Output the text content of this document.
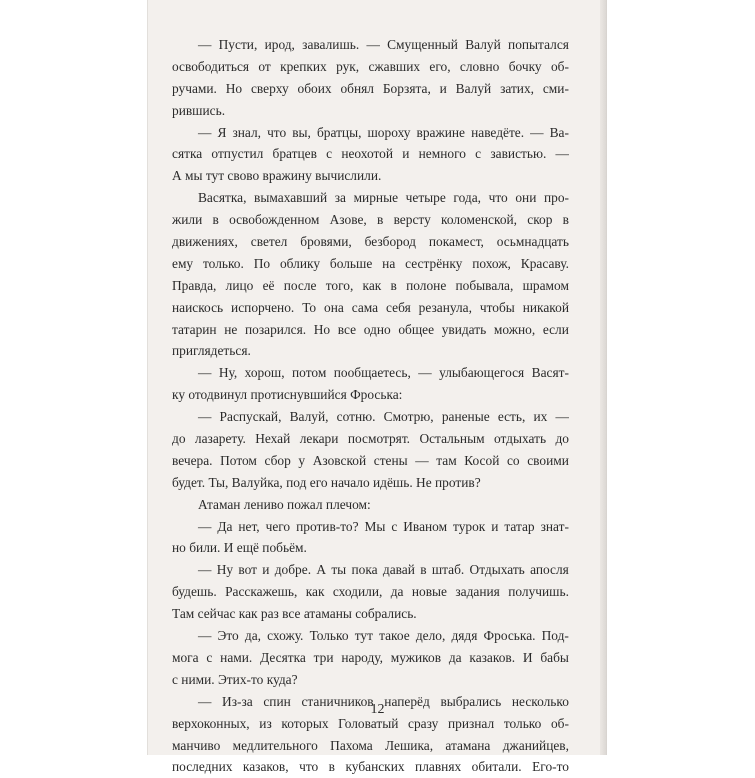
— Пусти, ирод, завалишь. — Смущенный Валуй попытался
освободиться от крепких рук, сжавших его, словно бочку об-
ручами. Но сверху обоих обнял Борзята, и Валуй затих, сми-
рившись.
— Я знал, что вы, братцы, шороху вражине наведёте. — Ва-
сятка отпустил братцев с неохотой и немного с завистью. —
А мы тут свово вражину вычислили.
Васятка, вымахавший за мирные четыре года, что они про-
жили в освобожденном Азове, в версту коломенской, скор в
движениях, светел бровями, безбород покамест, осьмнадцать
ему только. По облику больше на сестрёнку похож, Красаву.
Правда, лицо её после того, как в полоне побывала, шрамом
наискось испорчено. То она сама себя резанула, чтобы никакой
татарин не позарился. Но все одно общее увидать можно, если
приглядеться.
— Ну, хорош, потом пообщаетесь, — улыбающегося Васят-
ку отодвинул протиснувшийся Фроська:
— Распускай, Валуй, сотню. Смотрю, раненые есть, их —
до лазарету. Нехай лекари посмотрят. Остальным отдыхать до
вечера. Потом сбор у Азовской стены — там Косой со своими
будет. Ты, Валуйка, под его начало идёшь. Не против?
Атаман лениво пожал плечом:
— Да нет, чего против-то? Мы с Иваном турок и татар знат-
но били. И ещё побьём.
— Ну вот и добре. А ты пока давай в штаб. Отдыхать апосля
будешь. Расскажешь, как сходили, да новые задания получишь.
Там сейчас как раз все атаманы собрались.
— Это да, схожу. Только тут такое дело, дядя Фроська. Под-
мога с нами. Десятка три народу, мужиков да казаков. И бабы
с ними. Этих-то куда?
— Из-за спин станичников наперёд выбрались несколько
верхоконных, из которых Головатый сразу признал только об-
манчиво медлительного Пахома Лешика, атамана джанийцев,
последних казаков, что в кубанских плавнях обитали. Его-то
12
